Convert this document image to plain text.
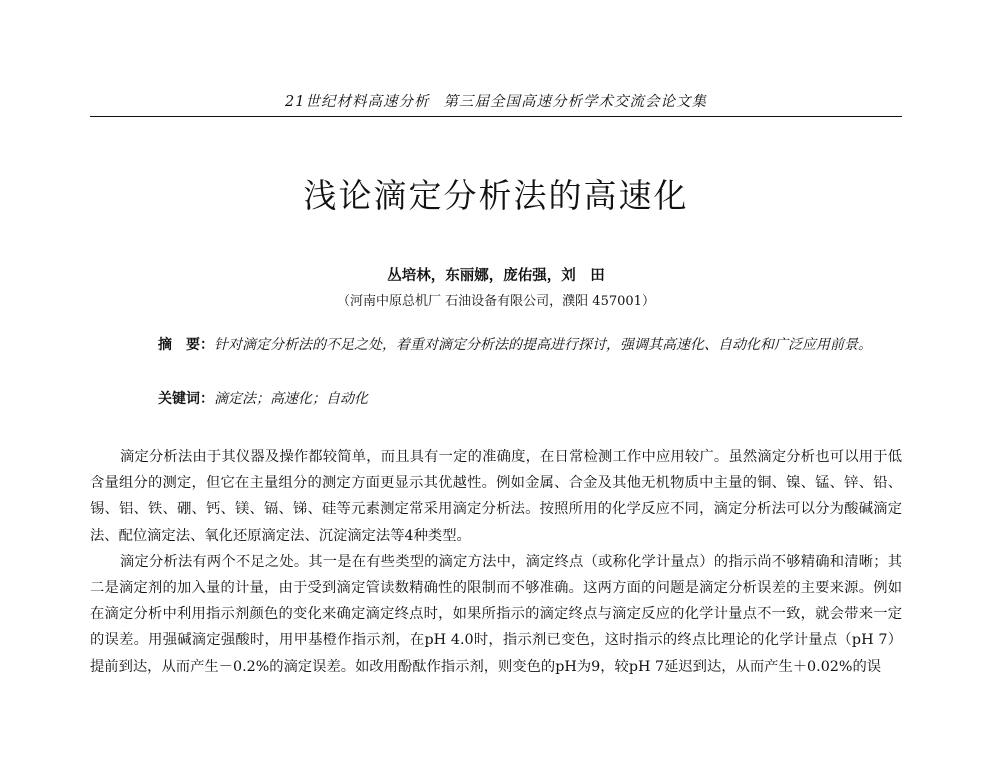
21世纪材料高速分析 第三届全国高速分析学术交流会论文集
浅论滴定分析法的高速化
丛培林，东丽娜，庞佑强，刘　田
（河南中原总机厂 石油设备有限公司，濮阳 457001）
摘　要：针对滴定分析法的不足之处，着重对滴定分析法的提高进行探讨，强调其高速化、自动化和广泛应用前景。
关键词：滴定法；高速化；自动化

滴定分析法由于其仪器及操作都较简单，而且具有一定的准确度，在日常检测工作中应用较广。虽然滴定分析也可以用于低含量组分的测定，但它在主量组分的测定方面更显示其优越性。例如金属、合金及其他无机物质中主量的铜、镍、锰、锌、铅、锡、铝、铁、硼、钙、镁、镉、锑、硅等元素测定常采用滴定分析法。按照所用的化学反应不同，滴定分析法可以分为酸碱滴定法、配位滴定法、氧化还原滴定法、沉淀滴定法等4种类型。

滴定分析法有两个不足之处。其一是在有些类型的滴定方法中，滴定终点（或称化学计量点）的指示尚不够精确和清晰；其二是滴定剂的加入量的计量，由于受到滴定管读数精确性的限制而不够准确。这两方面的问题是滴定分析误差的主要来源。例如在滴定分析中利用指示剂颜色的变化来确定滴定终点时，如果所指示的滴定终点与滴定反应的化学计量点不一致，就会带来一定的误差。用强碱滴定强酸时，用甲基橙作指示剂，在pH 4.0时，指示剂已变色，这时指示的终点比理论的化学计量点（pH 7）提前到达，从而产生－0.2%的滴定误差。如改用酚酞作指示剂，则变色的pH为9，较pH 7延迟到达，从而产生＋0.02%的误
